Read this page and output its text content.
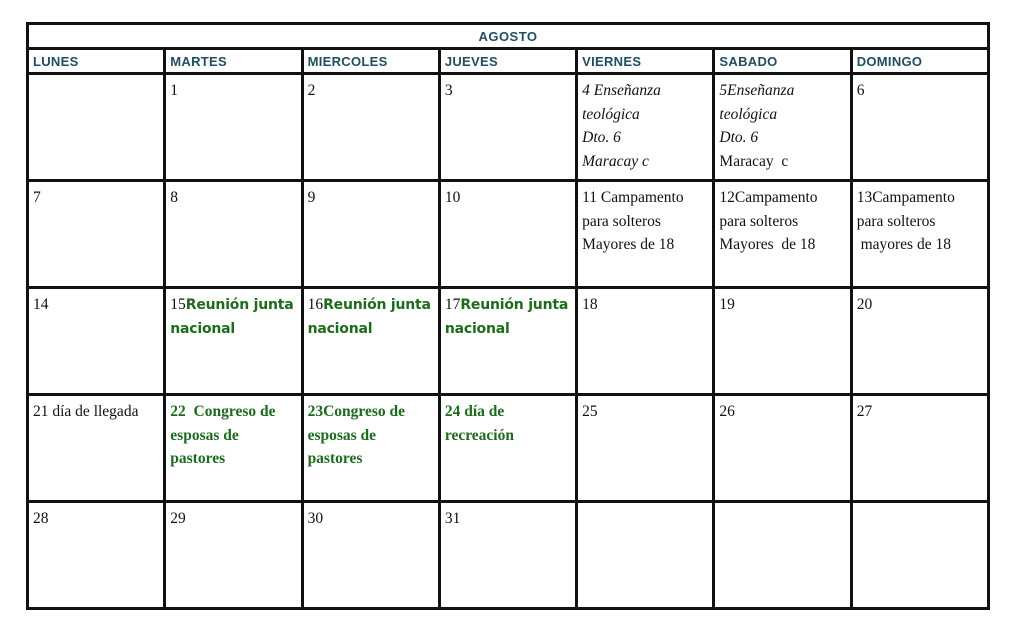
AGOSTO						
LUNES	MARTES	MIERCOLES	JUEVES	VIERNES	SABADO	DOMINGO

	1	2	3	4 Enseñanza
teológica
Dto. 6
Maracay c	5Enseñanza
teológica
Dto. 6
Maracay  c	6

7	8	9	10	11 Campamento
para solteros
Mayores de 18	12Campamento
para solteros
Mayores  de 18	13Campamento
para solteros
mayores de 18

14	15Reunión junta
nacional	16Reunión junta
nacional	17Reunión junta
nacional	18	19	20

21 día de llegada	22  Congreso de
esposas de
pastores	23Congreso de
esposas de
pastores	24 día de
recreación	25	26	27

28	29	30	31			
